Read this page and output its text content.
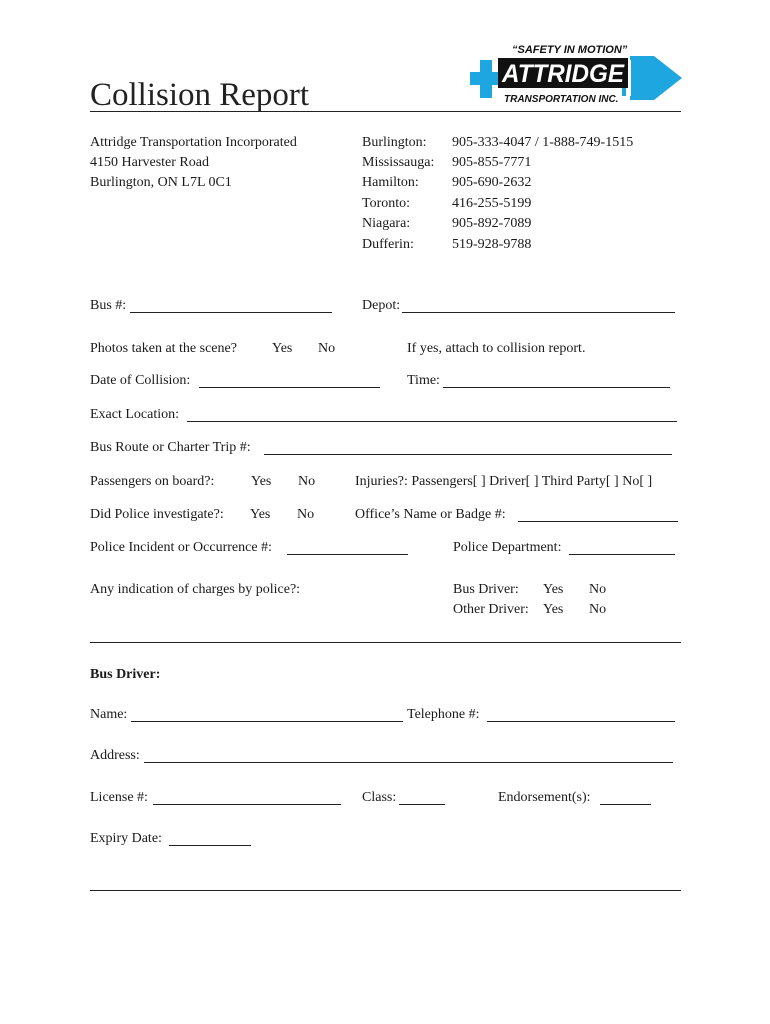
“SAFETY IN MOTION”
ATTRIDGE
TRANSPORTATION INC.
Collision Report
Attridge Transportation Incorporated
4150 Harvester Road
Burlington, ON L7L 0C1
Burlington: 905-333-4047 / 1-888-749-1515
Mississauga: 905-855-7771
Hamilton: 905-690-2632
Toronto:	416-255-5199
Niagara:	905-892-7089
Dufferin:	519-928-9788
Bus #:	Depot:
Photos taken at the scene?	Yes No	If yes, attach to collision report.
Date of Collision:	Time:
Exact Location:
Bus Route or Charter Trip #:
Passengers on board?:	Yes No	Injuries?: Passengers[ ] Driver[ ] Third Party[ ] No[ ]
Did Police investigate?: Yes No	Office’s Name or Badge #:
Police Incident or Occurrence #:	Police Department:
Any indication of charges by police?:	Bus Driver: Yes No
Other Driver: Yes No
Bus Driver:
Name:	Telephone #:
Address:
License #:	Class:	Endorsement(s):
Expiry Date:
